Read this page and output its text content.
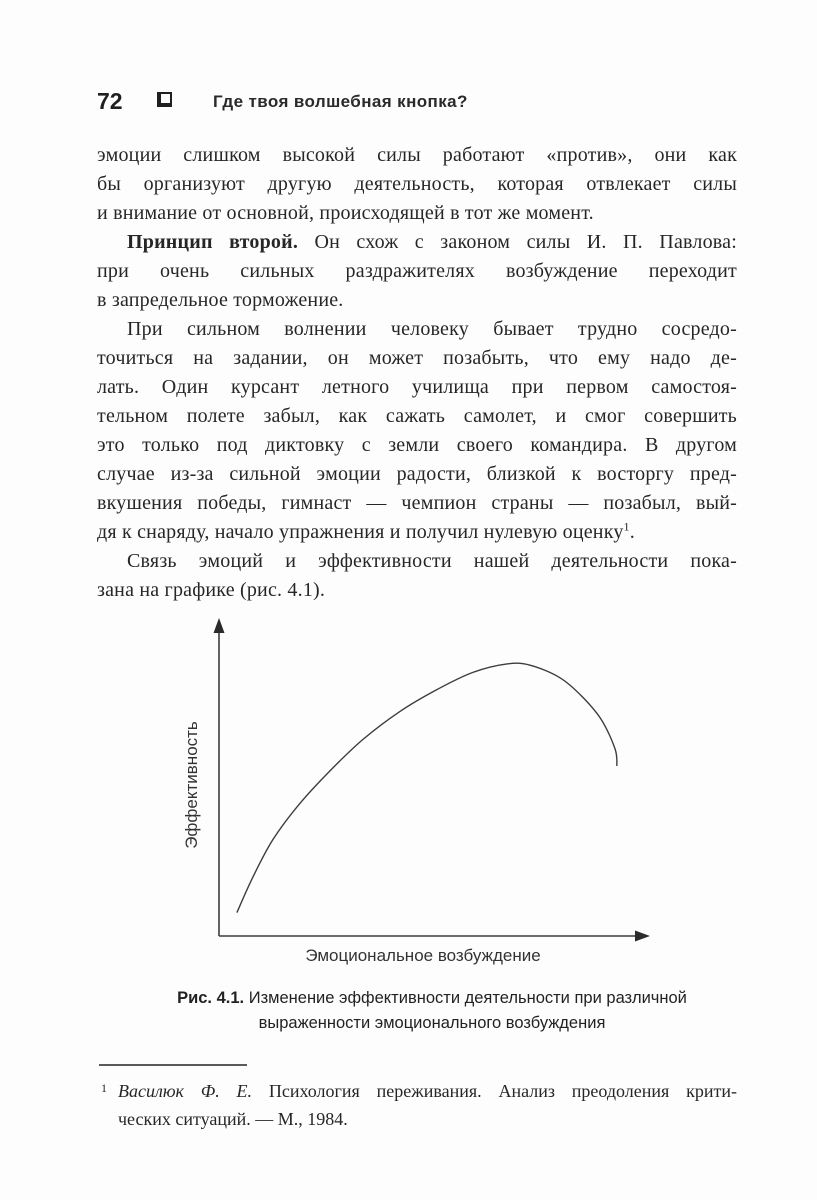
72	Где твоя волшебная кнопка?
эмоции слишком высокой силы работают «против», они как
бы организуют другую деятельность, которая отвлекает силы
и внимание от основной, происходящей в тот же момент.
Принцип второй. Он схож с законом силы И. П. Павлова:
при очень сильных раздражителях возбуждение переходит
в запредельное торможение.
При сильном волнении человеку бывает трудно сосредо-
точиться на задании, он может позабыть, что ему надо де-
лать. Один курсант летного училища при первом самостоя-
тельном полете забыл, как сажать самолет, и смог совершить
это только под диктовку с земли своего командира. В другом
случае из-за сильной эмоции радости, близкой к восторгу пред-
вкушения победы, гимнаст — чемпион страны — позабыл, вый-
дя к снаряду, начало упражнения и получил нулевую оценку$^1$.
Связь эмоций и эффективности нашей деятельности пока-
зана на графике (рис. 4.1).
Эффективность
Эмоциональное возбуждение
Рис. 4.1. Изменение эффективности деятельности при различной
выраженности эмоционального возбуждения
1 Василюк Ф. Е. Психология переживания. Анализ преодоления крити-
ческих ситуаций. — М., 1984.
